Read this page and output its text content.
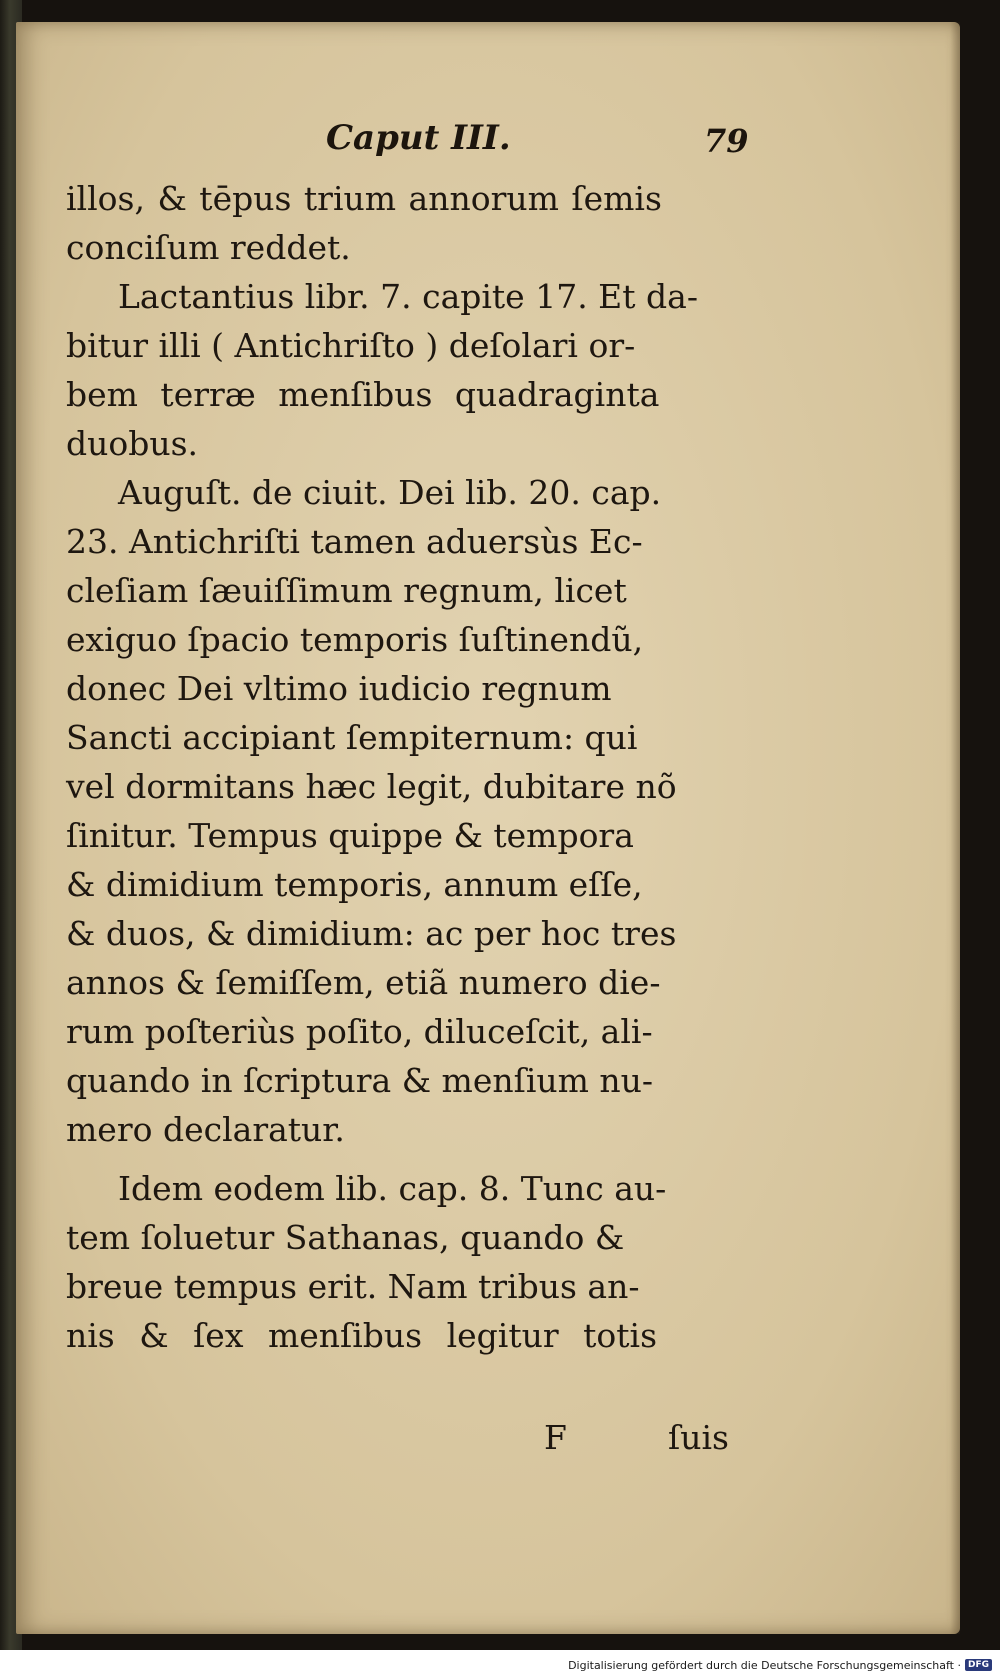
Caput III.	79
illos, & tēpus trium annorum ſemis
conciſum reddet.
Lactantius libr. 7. capite 17. Et da-
bitur illi ( Antichriſto ) deſolari or-
bem terræ menſibus quadraginta
duobus.
Auguſt. de ciuit. Dei lib. 20. cap.
23. Antichriſti tamen aduersùs Ec-
cleſiam ſæuiſſimum regnum, licet
exiguo ſpacio temporis ſuſtinendũ,
donec Dei vltimo iudicio regnum
Sancti accipiant ſempiternum: qui
vel dormitans hæc legit, dubitare nõ
ſinitur. Tempus quippe & tempora
& dimidium temporis, annum eſſe,
& duos, & dimidium: ac per hoc tres
annos & ſemiſſem, etiã numero die-
rum poſteriùs poſito, diluceſcit, ali-
quando in ſcriptura & menſium nu-
mero declaratur.
Idem eodem lib. cap. 8. Tunc au-
tem ſoluetur Sathanas, quando &
breue tempus erit. Nam tribus an-
nis & ſex menſibus legitur totis
F	ſuis
Digitalisierung gefördert durch die Deutsche Forschungsgemeinschaft · DFG
